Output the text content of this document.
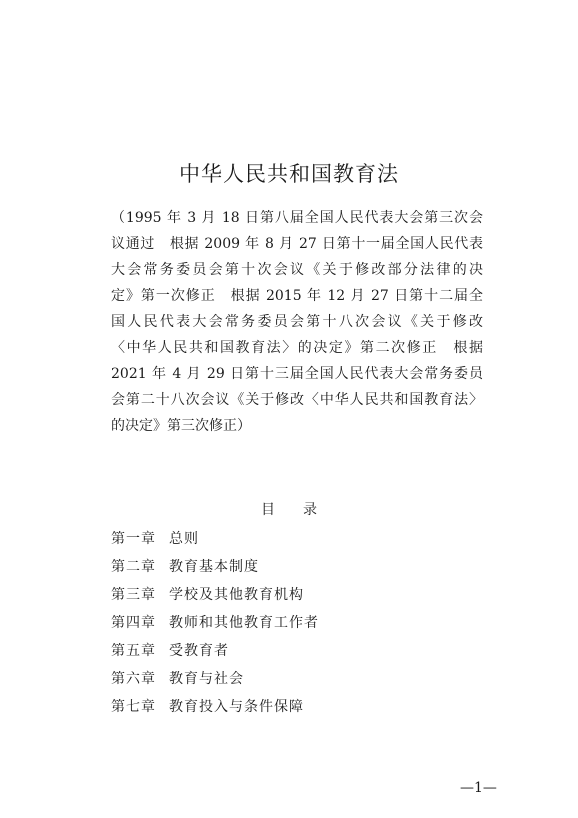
中华人民共和国教育法
（1995 年 3 月 18 日第八届全国人民代表大会第三次会
议通过　根据 2009 年 8 月 27 日第十一届全国人民代表
大会常务委员会第十次会议《关于修改部分法律的决
定》第一次修正　根据 2015 年 12 月 27 日第十二届全
国人民代表大会常务委员会第十八次会议《关于修改
〈中华人民共和国教育法〉的决定》第二次修正　根据
2021 年 4 月 29 日第十三届全国人民代表大会常务委员
会第二十八次会议《关于修改〈中华人民共和国教育法〉
的决定》第三次修正）
目 录
第一章 总则
第二章 教育基本制度
第三章 学校及其他教育机构
第四章 教师和其他教育工作者
第五章 受教育者
第六章 教育与社会
第七章 教育投入与条件保障
—1—
